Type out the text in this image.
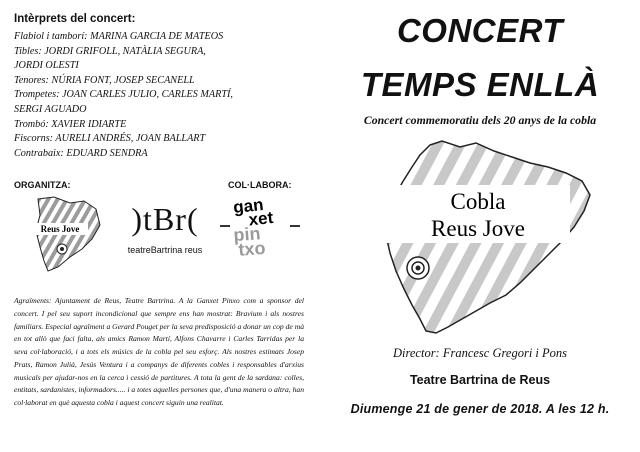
Intèrprets del concert:
Flabiol i tamborí: MARINA GARCIA DE MATEOS
Tibles: JORDI GRIFOLL, NATÀLIA SEGURA,
JORDI OLESTI
Tenores: NÚRIA FONT, JOSEP SECANELL
Trompetes: JOAN CARLES JULIO, CARLES MARTÍ,
SERGI AGUADO
Trombó: XAVIER IDIARTE
Fiscorns: AURELI ANDRÉS, JOAN BALLART
Contrabaix: EDUARD SENDRA
ORGANITZA:	COL·LABORA:
Reus Jove )tBr(
teatreBartrina reus
gan
xet
pin
txo
Agraïments: Ajuntament de Reus, Teatre Bartrina. A la Ganxet Pinxo com a sponsor del concert. I pel seu suport incondicional que sempre ens han mostrat: Bravium i als nostres familiars. Especial agraïment a Gerard Pouget per la seva predisposició a donar un cop de mà en tot allò que faci falta, als amics Ramon Martí, Alfons Chavarre i Carles Tarridas per la seva col·laboració, i a tots els músics de la cobla pel seu esforç. Als nostres estimats Josep Prats, Ramon Julià, Jesús Ventura i a companys de diferents cobles i responsables d'arxius musicals per ajudar-nos en la cerca i cessió de partitures. A tota la gent de la sardana: colles, entitats, sardanistes, informadors..... i a totes aquelles persones que, d'una manera o altra, han col·laborat en què aquesta cobla i aquest concert siguin una realitat.
CONCERT
TEMPS ENLLÀ
Concert commemoratiu dels 20 anys de la cobla
Cobla
Reus Jove
Director: Francesc Gregori i Pons
Teatre Bartrina de Reus
Diumenge 21 de gener de 2018. A les 12 h.
